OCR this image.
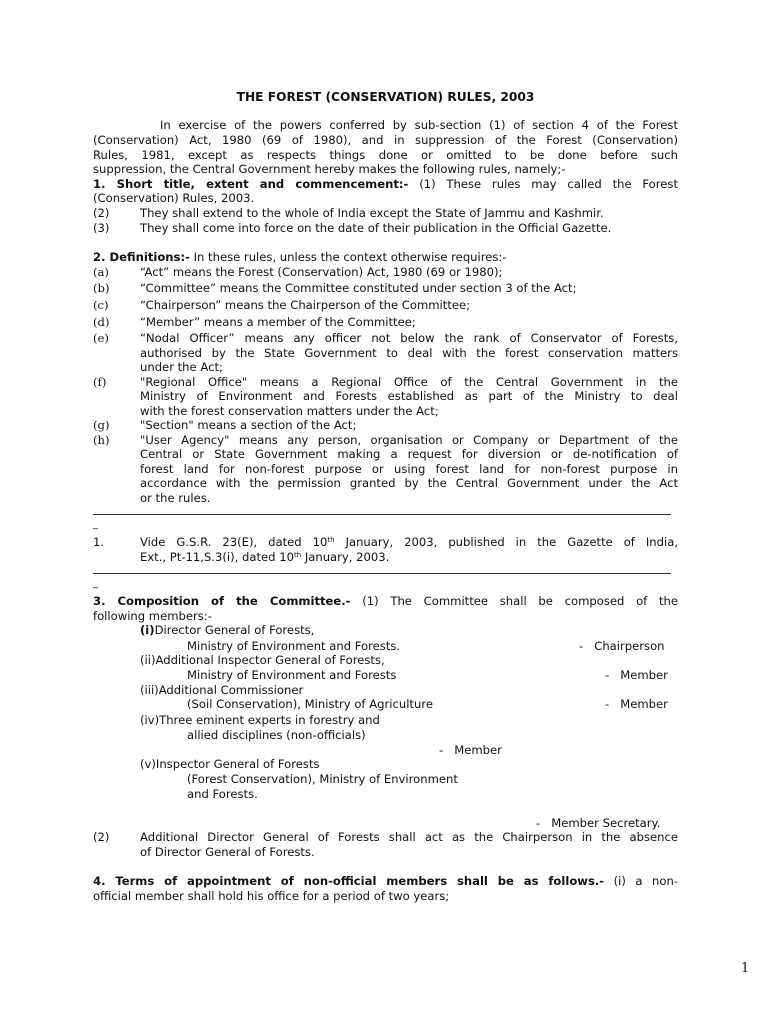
THE FOREST (CONSERVATION) RULES, 2003
In exercise of the powers conferred by sub-section (1) of section 4 of the Forest
(Conservation) Act, 1980 (69 of 1980), and in suppression of the Forest (Conservation)
Rules, 1981, except as respects things done or omitted to be done before such
suppression, the Central Government hereby makes the following rules, namely;-
1. Short title, extent and commencement:- (1) These rules may called the Forest
(Conservation) Rules, 2003.
(2)	They shall extend to the whole of India except the State of Jammu and Kashmir.
(3)	They shall come into force on the date of their publication in the Official Gazette.
2. Definitions:- In these rules, unless the context otherwise requires:-
(a)	“Act” means the Forest (Conservation) Act, 1980 (69 or 1980);
(b)	“Committee” means the Committee constituted under section 3 of the Act;
(c)	“Chairperson” means the Chairperson of the Committee;
(d)	“Member” means a member of the Committee;
(e)	“Nodal Officer” means any officer not below the rank of Conservator of Forests,
authorised by the State Government to deal with the forest conservation matters
under the Act;
(f)	"Regional Office" means a Regional Office of the Central Government in the
Ministry of Environment and Forests established as part of the Ministry to deal
with the forest conservation matters under the Act;
(g)	"Section" means a section of the Act;
(h)	"User Agency" means any person, organisation or Company or Department of the
Central or State Government making a request for diversion or de-notification of
forest land for non-forest purpose or using forest land for non-forest purpose in
accordance with the permission granted by the Central Government under the Act
or the rules.
_
1.	Vide G.S.R. 23(E), dated 10th January, 2003, published in the Gazette of India,
Ext., Pt-11,S.3(i), dated 10th January, 2003.
_
3. Composition of the Committee.- (1) The Committee shall be composed of the
following members:-
(i)Director General of Forests,
Ministry of Environment and Forests.	-   Chairperson
(ii)Additional Inspector General of Forests,
Ministry of Environment and Forests	-   Member
(iii)Additional Commissioner
(Soil Conservation), Ministry of Agriculture	-   Member
(iv)Three eminent experts in forestry and
allied disciplines (non-officials)
-   Member
(v)Inspector General of Forests
(Forest Conservation), Ministry of Environment
and Forests.
-   Member Secretary.
(2)	Additional Director General of Forests shall act as the Chairperson in the absence
of Director General of Forests.
4. Terms of appointment of non-official members shall be as follows.- (i) a non-
official member shall hold his office for a period of two years;
1
